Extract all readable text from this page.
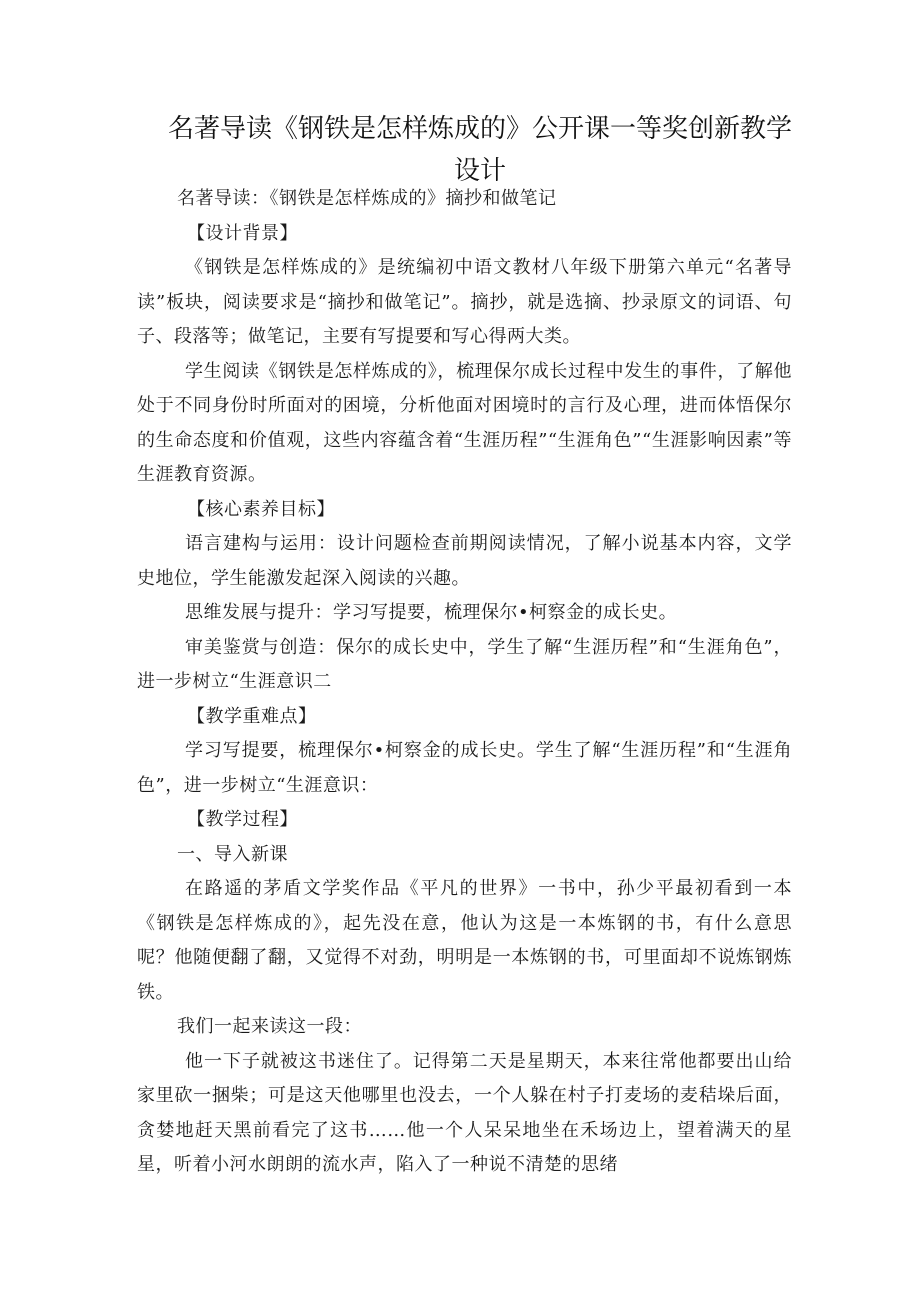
名著导读《钢铁是怎样炼成的》公开课一等奖创新教学设计

名著导读：《钢铁是怎样炼成的》摘抄和做笔记

【设计背景】

《钢铁是怎样炼成的》是统编初中语文教材八年级下册第六单元“名著导读”板块，阅读要求是“摘抄和做笔记”。摘抄，就是选摘、抄录原文的词语、句子、段落等；做笔记，主要有写提要和写心得两大类。

学生阅读《钢铁是怎样炼成的》，梳理保尔成长过程中发生的事件，了解他处于不同身份时所面对的困境，分析他面对困境时的言行及心理，进而体悟保尔的生命态度和价值观，这些内容蕴含着“生涯历程”“生涯角色”“生涯影响因素”等生涯教育资源。

【核心素养目标】

语言建构与运用：设计问题检查前期阅读情况，了解小说基本内容，文学史地位，学生能激发起深入阅读的兴趣。

思维发展与提升：学习写提要，梳理保尔•柯察金的成长史。

审美鉴赏与创造：保尔的成长史中，学生了解“生涯历程”和“生涯角色”，进一步树立“生涯意识二

【教学重难点】

学习写提要，梳理保尔•柯察金的成长史。学生了解“生涯历程”和“生涯角色”，进一步树立“生涯意识：

【教学过程】

一、导入新课

在路遥的茅盾文学奖作品《平凡的世界》一书中，孙少平最初看到一本《钢铁是怎样炼成的》，起先没在意，他认为这是一本炼钢的书，有什么意思呢？他随便翻了翻，又觉得不对劲，明明是一本炼钢的书，可里面却不说炼钢炼铁。

我们一起来读这一段：

他一下子就被这书迷住了。记得第二天是星期天，本来往常他都要出山给家里砍一捆柴；可是这天他哪里也没去，一个人躲在村子打麦场的麦秸垛后面，贪婪地赶天黑前看完了这书……他一个人呆呆地坐在禾场边上，望着满天的星星，听着小河水朗朗的流水声，陷入了一种说不清楚的思绪
